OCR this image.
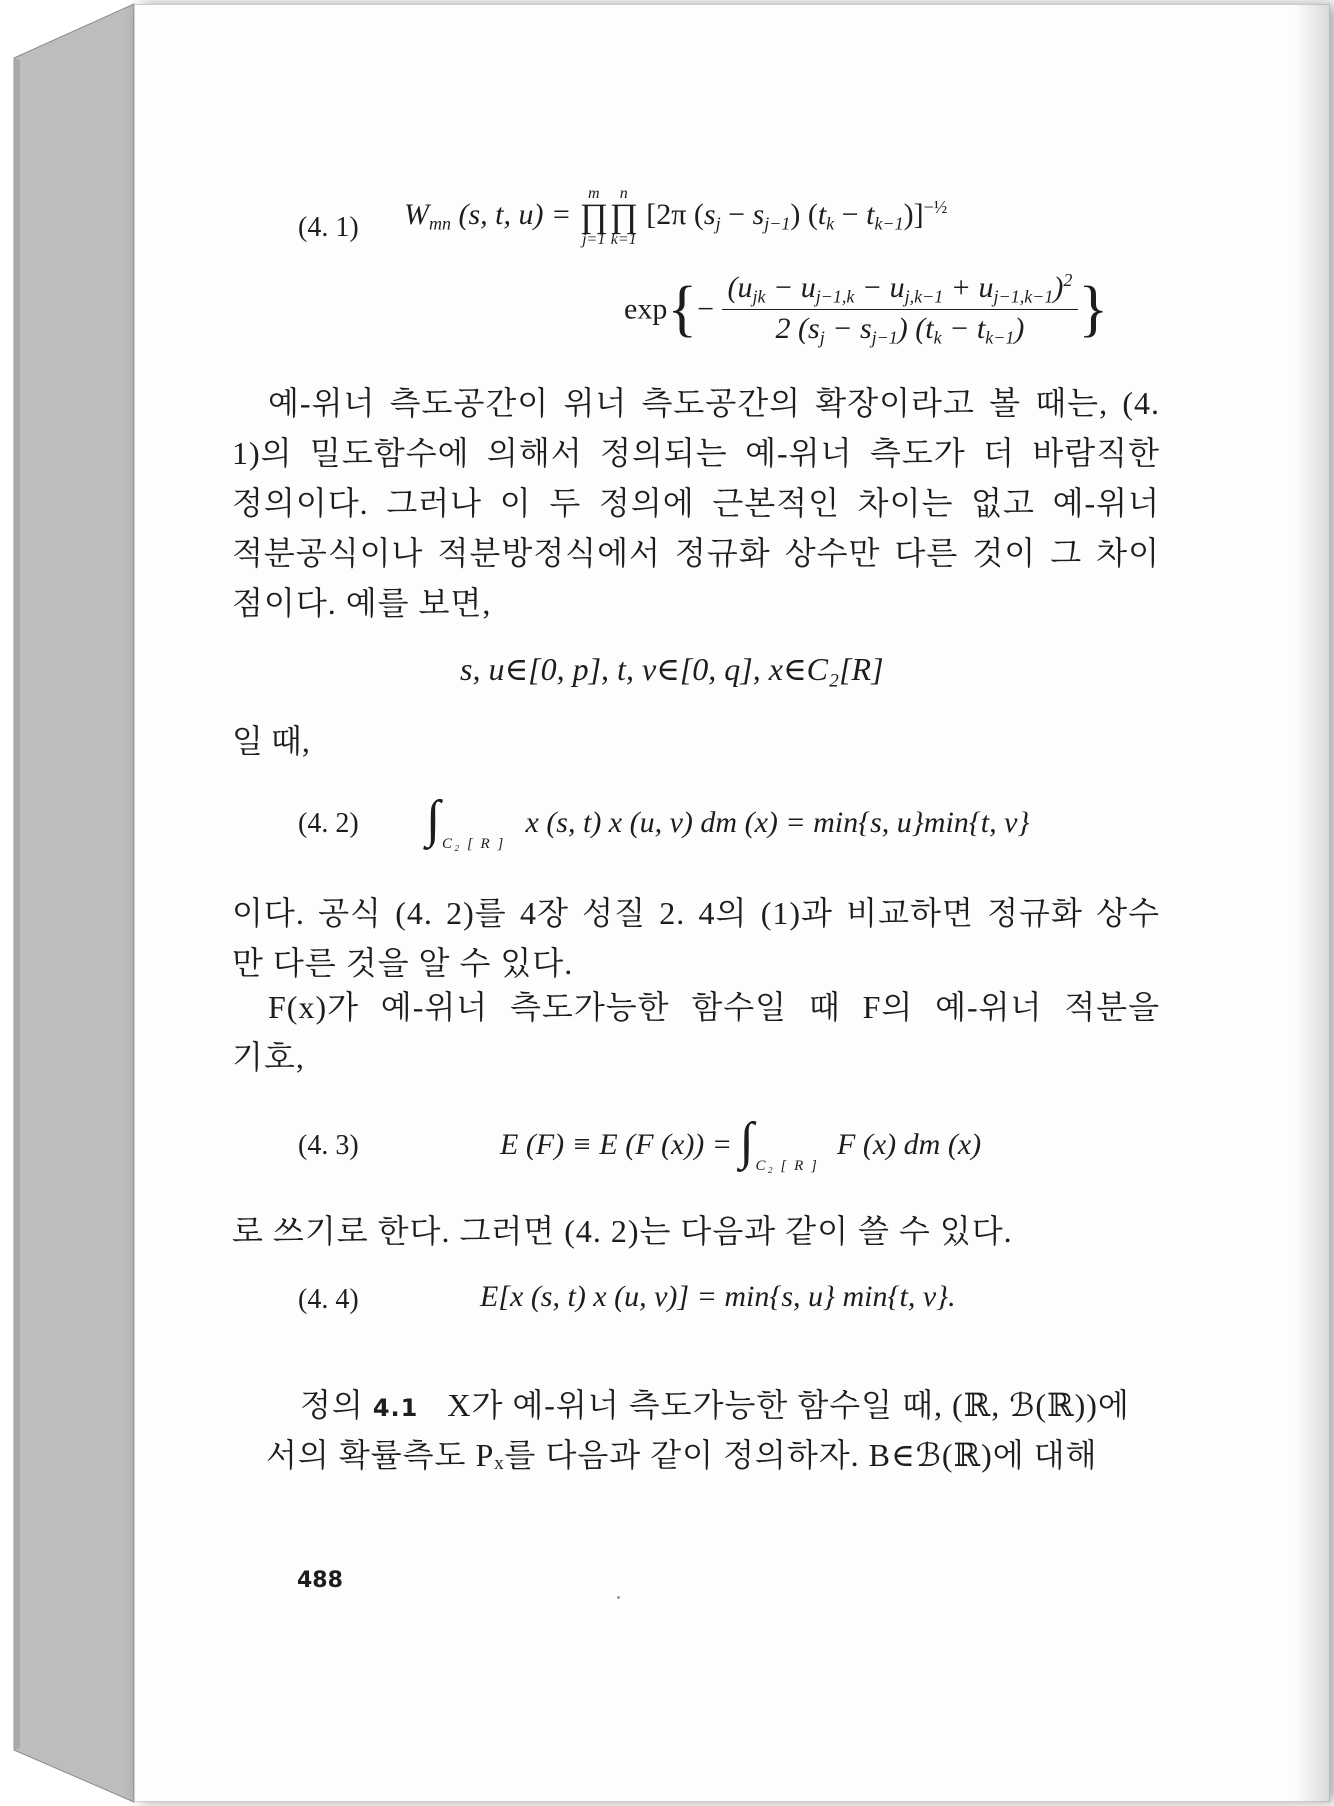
(4. 1) Wmn (s, t, u) =
m
∏
j=1
n
∏
k=1
[2π (sj − sj−1) (tk − tk−1)]$^{-\frac{1}{2}}$
$\exp\{- \frac{(ujk - uj-1,k - uj,k-1 + uj-1,k-1)^2}{2 (sj - sj-1) (tk - tk-1)}$ }
예-위너 측도공간이 위너 측도공간의 확장이라고 볼 때는, (4.
1)의 밀도함수에 의해서 정의되는 예-위너 측도가 더 바람직한
정의이다. 그러나 이 두 정의에 근본적인 차이는 없고 예-위너
적분공식이나 적분방정식에서 정규화 상수만 다른 것이 그 차이
점이다. 예를 보면,
s, u∈[0, p], t, v∈[0, q], x∈C₂[R]
일 때,
(4. 2) ∫ C₂ [ R ]
x (s, t) x (u, v) dm (x) = min{s, u}min{t, v}
이다. 공식 (4. 2)를 4장 성질 2. 4의 (1)과 비교하면 정규화 상수
만 다른 것을 알 수 있다.
F(x)가 예-위너 측도가능한 함수일 때 F의 예-위너 적분을
기호,
(4. 3)	E (F) ≡ E (F (x)) = ∫ C₂ [ R ]
F (x) dm (x)
로 쓰기로 한다. 그러면 (4. 2)는 다음과 같이 쓸 수 있다.
(4. 4)	E[x (s, t) x (u, v)] = min{s, u} min{t, v}.
정의 4.1 X가 예-위너 측도가능한 함수일 때, (ℝ, ℬ(ℝ))에
서의 확률측도 Pₓ를 다음과 같이 정의하자. B∈ℬ(ℝ)에 대해
488
